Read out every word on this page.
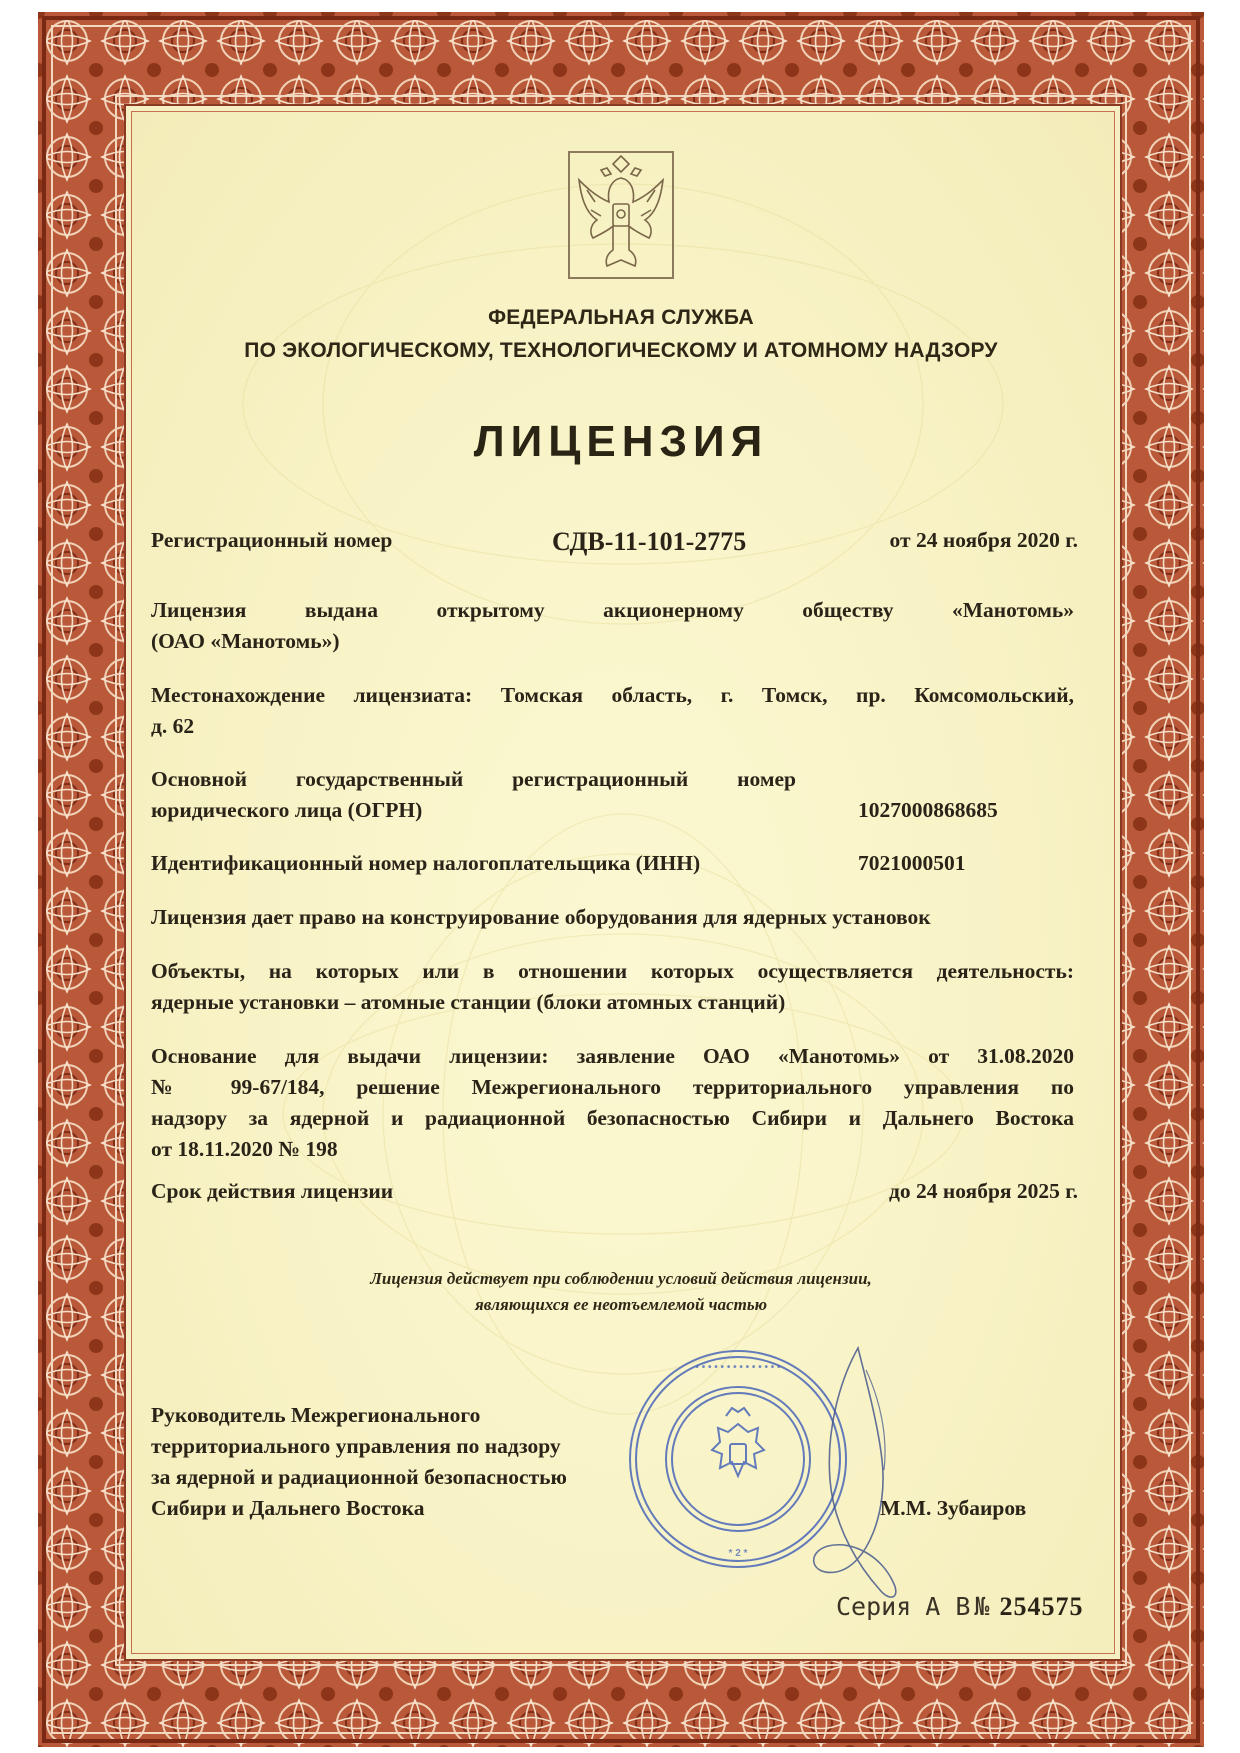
ФЕДЕРАЛЬНАЯ СЛУЖБА
ПО ЭКОЛОГИЧЕСКОМУ, ТЕХНОЛОГИЧЕСКОМУ И АТОМНОМУ НАДЗОРУ
ЛИЦЕНЗИЯ
Регистрационный номер	СДВ-11-101-2775	от 24 ноября 2020 г.
Лицензия выдана открытому акционерному обществу «Манотомь»
(ОАО «Манотомь»)
Местонахождение лицензиата: Томская область, г. Томск, пр. Комсомольский,
д. 62
Основной государственный регистрационный номер
юридического лица (ОГРН)	1027000868685
Идентификационный номер налогоплательщика (ИНН)	7021000501
Лицензия дает право на конструирование оборудования для ядерных установок
Объекты, на которых или в отношении которых осуществляется деятельность:
ядерные установки – атомные станции (блоки атомных станций)
Основание для выдачи лицензии: заявление ОАО «Манотомь» от 31.08.2020
№ 99-67/184, решение Межрегионального территориального управления по
надзору за ядерной и радиационной безопасностью Сибири и Дальнего Востока
от 18.11.2020 № 198
Срок действия лицензии	до 24 ноября 2025 г.
Лицензия действует при соблюдении условий действия лицензии,
являющихся ее неотъемлемой частью
Руководитель Межрегионального
территориального управления по надзору
за ядерной и радиационной безопасностью
Сибири и Дальнего Востока	М.М. Зубаиров
• • • • • • • • • • • • • •
* 2 *
Серия А В № 254575
